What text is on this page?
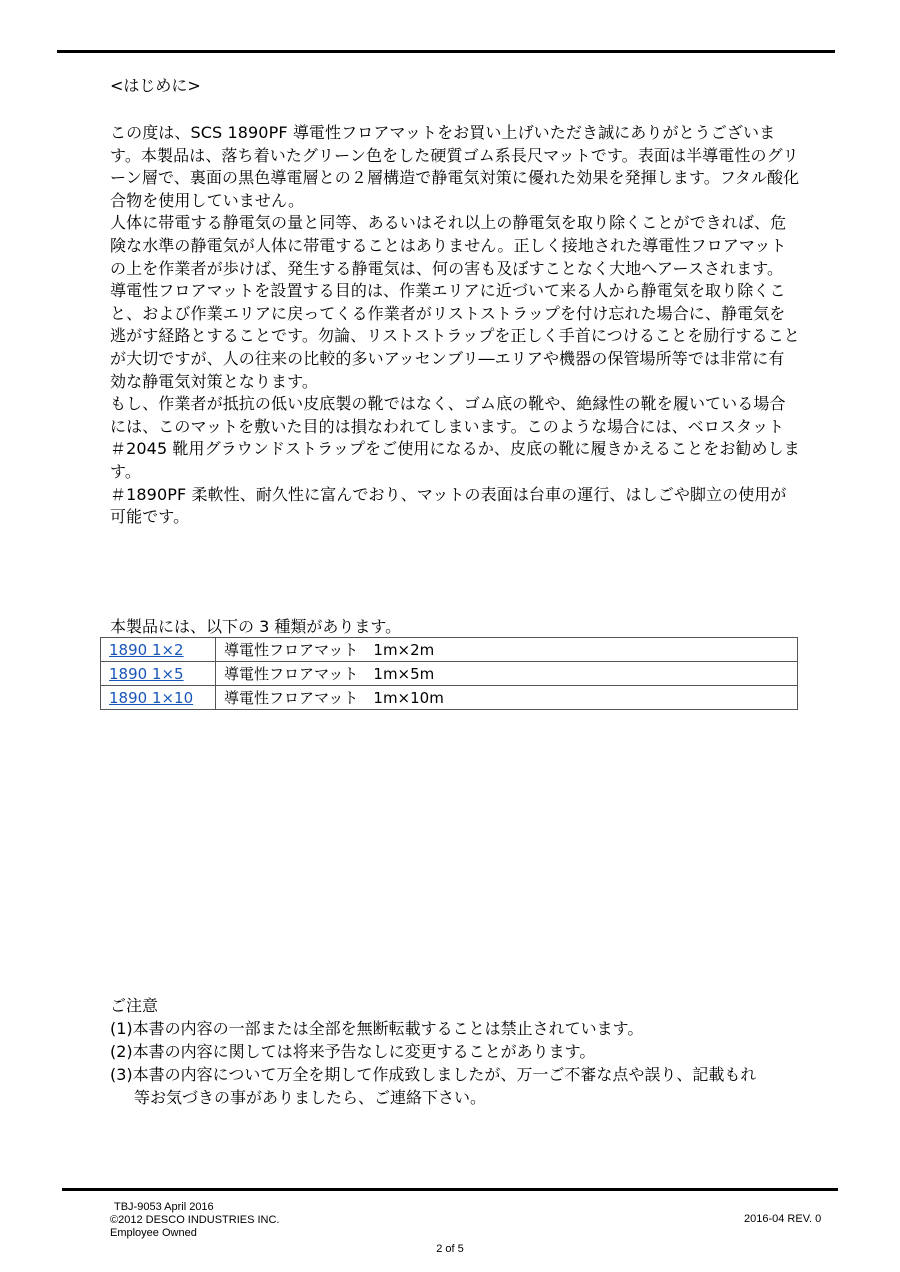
<はじめに>

この度は、SCS 1890PF 導電性フロアマットをお買い上げいただき誠にありがとうございます。本製品は、落ち着いたグリーン色をした硬質ゴム系長尺マットです。表面は半導電性のグリーン層で、裏面の黒色導電層との２層構造で静電気対策に優れた効果を発揮します。フタル酸化合物を使用していません。

人体に帯電する静電気の量と同等、あるいはそれ以上の静電気を取り除くことができれば、危険な水準の静電気が人体に帯電することはありません。正しく接地された導電性フロアマットの上を作業者が歩けば、発生する静電気は、何の害も及ぼすことなく大地へアースされます。

導電性フロアマットを設置する目的は、作業エリアに近づいて来る人から静電気を取り除くこと、および作業エリアに戻ってくる作業者がリストストラップを付け忘れた場合に、静電気を逃がす経路とすることです。勿論、リストストラップを正しく手首につけることを励行することが大切ですが、人の往来の比較的多いアッセンブリ―エリアや機器の保管場所等では非常に有効な静電気対策となります。

もし、作業者が抵抗の低い皮底製の靴ではなく、ゴム底の靴や、絶縁性の靴を履いている場合には、このマットを敷いた目的は損なわれてしまいます。このような場合には、ベロスタット＃2045 靴用グラウンドストラップをご使用になるか、皮底の靴に履きかえることをお勧めします。

＃1890PF 柔軟性、耐久性に富んでおり、マットの表面は台車の運行、はしごや脚立の使用が可能です。

本製品には、以下の 3 種類があります。
1890 1×2	導電性フロアマット　1m×2m
1890 1×5	導電性フロアマット　1m×5m
1890 1×10	導電性フロアマット　1m×10m
ご注意
(1)本書の内容の一部または全部を無断転載することは禁止されています。
(2)本書の内容に関しては将来予告なしに変更することがあります。
(3)本書の内容について万全を期して作成致しましたが、万一ご不審な点や誤り、記載もれ
等お気づきの事がありましたら、ご連絡下さい。
TBJ-9053 April 2016
©2012 DESCO INDUSTRIES INC.
Employee Owned
2016-04 REV. 0
2 of 5
